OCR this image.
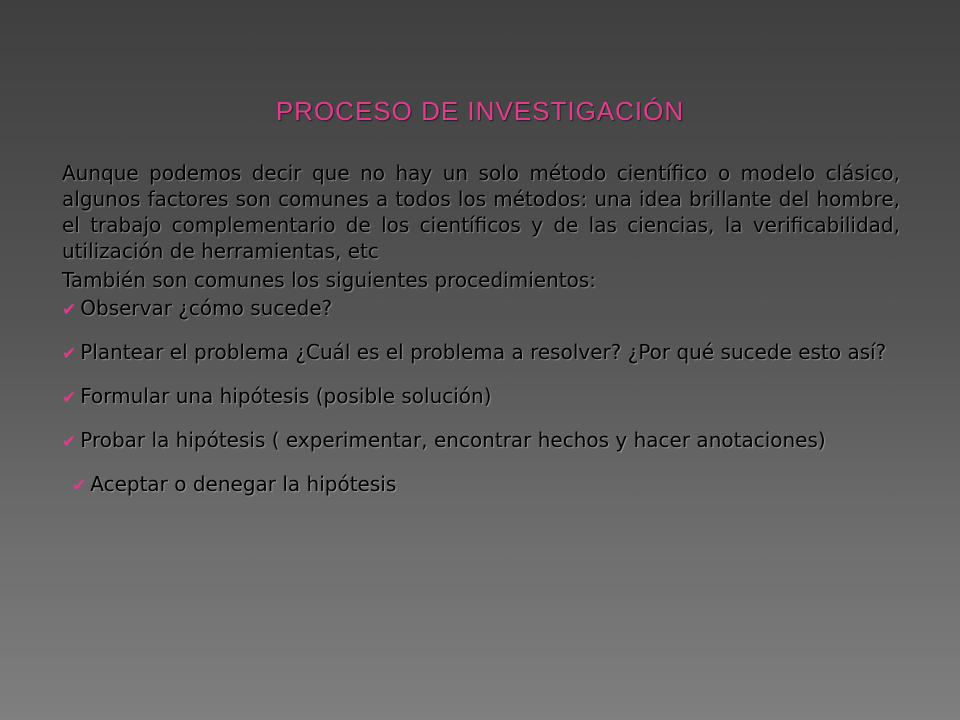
PROCESO DE INVESTIGACIÓN

Aunque podemos decir que no hay un solo método científico o modelo clásico, algunos factores son comunes a todos los métodos: una idea brillante del hombre, el trabajo complementario de los científicos y de las ciencias, la verificabilidad, utilización de herramientas, etc

También son comunes los siguientes procedimientos:

✔ Observar ¿cómo sucede?
✔ Plantear el problema ¿Cuál es el problema a resolver? ¿Por qué sucede esto así?
✔ Formular una hipótesis (posible solución)
✔ Probar la hipótesis ( experimentar, encontrar hechos y hacer anotaciones)
✔ Aceptar o denegar la hipótesis
